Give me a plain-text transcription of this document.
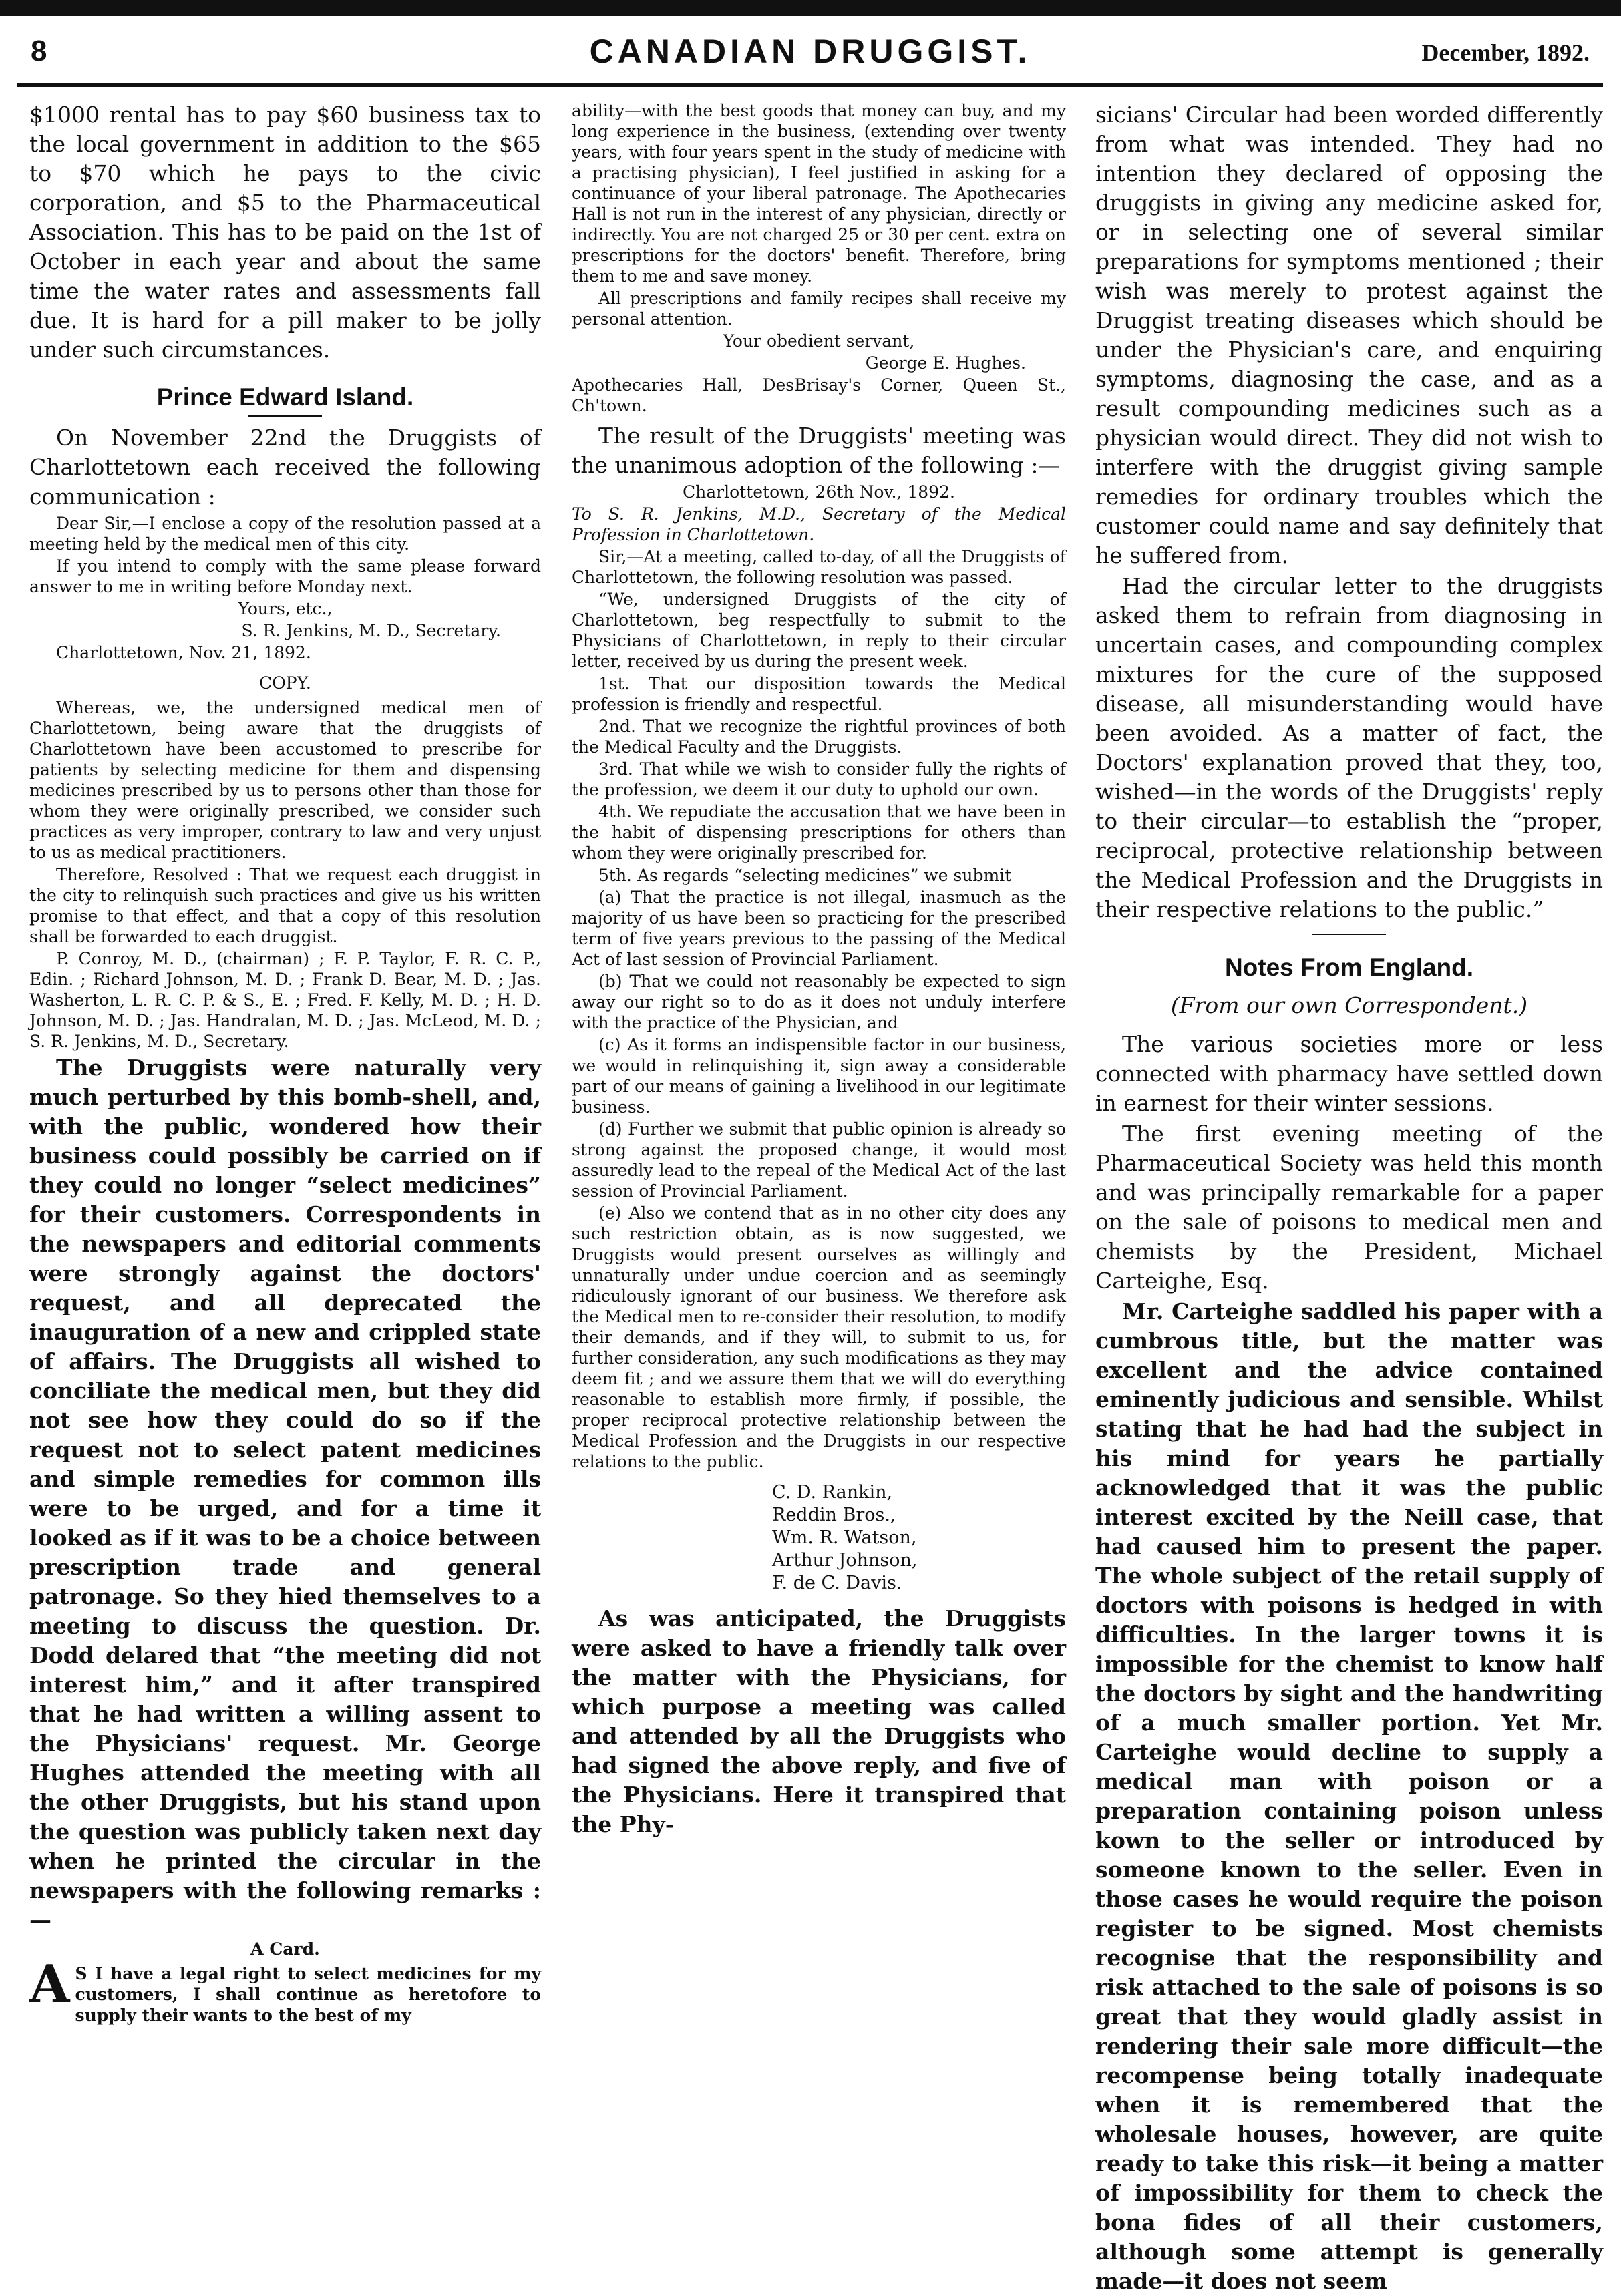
8	CANADIAN DRUGGIST.	December, 1892.

$1000 rental has to pay $60 business tax to the local government in addition to the $65 to $70 which he pays to the civic corporation, and $5 to the Pharmaceutical Association. This has to be paid on the 1st of October in each year and about the same time the water rates and assessments fall due. It is hard for a pill maker to be jolly under such circumstances.

Prince Edward Island.

On November 22nd the Druggists of Charlottetown each received the following communication :

Dear Sir,—I enclose a copy of the resolution passed at a meeting held by the medical men of this city.

If you intend to comply with the same please forward answer to me in writing before Monday next.

Yours, etc.,

S. R. Jenkins, M. D., Secretary.

Charlottetown, Nov. 21, 1892.

COPY.

Whereas, we, the undersigned medical men of Charlottetown, being aware that the druggists of Charlottetown have been accustomed to prescribe for patients by selecting medicine for them and dispensing medicines prescribed by us to persons other than those for whom they were originally prescribed, we consider such practices as very improper, contrary to law and very unjust to us as medical practitioners.

Therefore, Resolved : That we request each druggist in the city to relinquish such practices and give us his written promise to that effect, and that a copy of this resolution shall be forwarded to each druggist.

P. Conroy, M. D., (chairman) ; F. P. Taylor, F. R. C. P., Edin. ; Richard Johnson, M. D. ; Frank D. Bear, M. D. ; Jas. Washerton, L. R. C. P. & S., E. ; Fred. F. Kelly, M. D. ; H. D. Johnson, M. D. ; Jas. Handralan, M. D. ; Jas. McLeod, M. D. ; S. R. Jenkins, M. D., Secretary.

The Druggists were naturally very much perturbed by this bomb-shell, and, with the public, wondered how their business could possibly be carried on if they could no longer “select medicines” for their customers. Correspondents in the newspapers and editorial comments were strongly against the doctors' request, and all deprecated the inauguration of a new and crippled state of affairs. The Druggists all wished to conciliate the medical men, but they did not see how they could do so if the request not to select patent medicines and simple remedies for common ills were to be urged, and for a time it looked as if it was to be a choice between prescription trade and general patronage. So they hied themselves to a meeting to discuss the question. Dr. Dodd delared that “the meeting did not interest him,” and it after transpired that he had written a willing assent to the Physicians' request. Mr. George Hughes attended the meeting with all the other Druggists, but his stand upon the question was publicly taken next day when he printed the circular in the newspapers with the following remarks :—

A Card.

A S I have a legal right to select medicines for my customers, I shall continue as heretofore to supply their wants to the best of my

ability—with the best goods that money can buy, and my long experience in the business, (extending over twenty years, with four years spent in the study of medicine with a practising physician), I feel justified in asking for a continuance of your liberal patronage. The Apothecaries Hall is not run in the interest of any physician, directly or indirectly. You are not charged 25 or 30 per cent. extra on prescriptions for the doctors' benefit. Therefore, bring them to me and save money.

All prescriptions and family recipes shall receive my personal attention.

Your obedient servant,

George E. Hughes.

Apothecaries Hall, DesBrisay's Corner, Queen St., Ch'town.

The result of the Druggists' meeting was the unanimous adoption of the following :—

Charlottetown, 26th Nov., 1892.

To S. R. Jenkins, M.D., Secretary of the Medical Profession in Charlottetown.

Sir,—At a meeting, called to-day, of all the Druggists of Charlottetown, the following resolution was passed.

“We, undersigned Druggists of the city of Charlottetown, beg respectfully to submit to the Physicians of Charlottetown, in reply to their circular letter, received by us during the present week.

1st. That our disposition towards the Medical profession is friendly and respectful.

2nd. That we recognize the rightful provinces of both the Medical Faculty and the Druggists.

3rd. That while we wish to consider fully the rights of the profession, we deem it our duty to uphold our own.

4th. We repudiate the accusation that we have been in the habit of dispensing prescriptions for others than whom they were originally prescribed for.

5th. As regards “selecting medicines” we submit

(a) That the practice is not illegal, inasmuch as the majority of us have been so practicing for the prescribed term of five years previous to the passing of the Medical Act of last session of Provincial Parliament.

(b) That we could not reasonably be expected to sign away our right so to do as it does not unduly interfere with the practice of the Physician, and

(c) As it forms an indispensible factor in our business, we would in relinquishing it, sign away a considerable part of our means of gaining a livelihood in our legitimate business.

(d) Further we submit that public opinion is already so strong against the proposed change, it would most assuredly lead to the repeal of the Medical Act of the last session of Provincial Parliament.

(e) Also we contend that as in no other city does any such restriction obtain, as is now suggested, we Druggists would present ourselves as willingly and unnaturally under undue coercion and as seemingly ridiculously ignorant of our business. We therefore ask the Medical men to re-consider their resolution, to modify their demands, and if they will, to submit to us, for further consideration, any such modifications as they may deem fit ; and we assure them that we will do everything reasonable to establish more firmly, if possible, the proper reciprocal protective relationship between the Medical Profession and the Druggists in our respective relations to the public.

C. D. Rankin,
Reddin Bros.,
Wm. R. Watson,
Arthur Johnson,
F. de C. Davis.

As was anticipated, the Druggists were asked to have a friendly talk over the matter with the Physicians, for which purpose a meeting was called and attended by all the Druggists who had signed the above reply, and five of the Physicians. Here it transpired that the Phy-

sicians' Circular had been worded differently from what was intended. They had no intention they declared of opposing the druggists in giving any medicine asked for, or in selecting one of several similar preparations for symptoms mentioned ; their wish was merely to protest against the Druggist treating diseases which should be under the Physician's care, and enquiring symptoms, diagnosing the case, and as a result compounding medicines such as a physician would direct. They did not wish to interfere with the druggist giving sample remedies for ordinary troubles which the customer could name and say definitely that he suffered from.

Had the circular letter to the druggists asked them to refrain from diagnosing in uncertain cases, and compounding complex mixtures for the cure of the supposed disease, all misunderstanding would have been avoided. As a matter of fact, the Doctors' explanation proved that they, too, wished—in the words of the Druggists' reply to their circular—to establish the “proper, reciprocal, protective relationship between the Medical Profession and the Druggists in their respective relations to the public.”

Notes From England.

(From our own Correspondent.)

The various societies more or less connected with pharmacy have settled down in earnest for their winter sessions.

The first evening meeting of the Pharmaceutical Society was held this month and was principally remarkable for a paper on the sale of poisons to medical men and chemists by the President, Michael Carteighe, Esq.

Mr. Carteighe saddled his paper with a cumbrous title, but the matter was excellent and the advice contained eminently judicious and sensible. Whilst stating that he had had the subject in his mind for years he partially acknowledged that it was the public interest excited by the Neill case, that had caused him to present the paper. The whole subject of the retail supply of doctors with poisons is hedged in with difficulties. In the larger towns it is impossible for the chemist to know half the doctors by sight and the handwriting of a much smaller portion. Yet Mr. Carteighe would decline to supply a medical man with poison or a preparation containing poison unless kown to the seller or introduced by someone known to the seller. Even in those cases he would require the poison register to be signed. Most chemists recognise that the responsibility and risk attached to the sale of poisons is so great that they would gladly assist in rendering their sale more difficult—the recompense being totally inadequate when it is remembered that the wholesale houses, however, are quite ready to take this risk—it being a matter of impossibility for them to check the bona fides of all their customers, although some attempt is generally made—it does not seem
